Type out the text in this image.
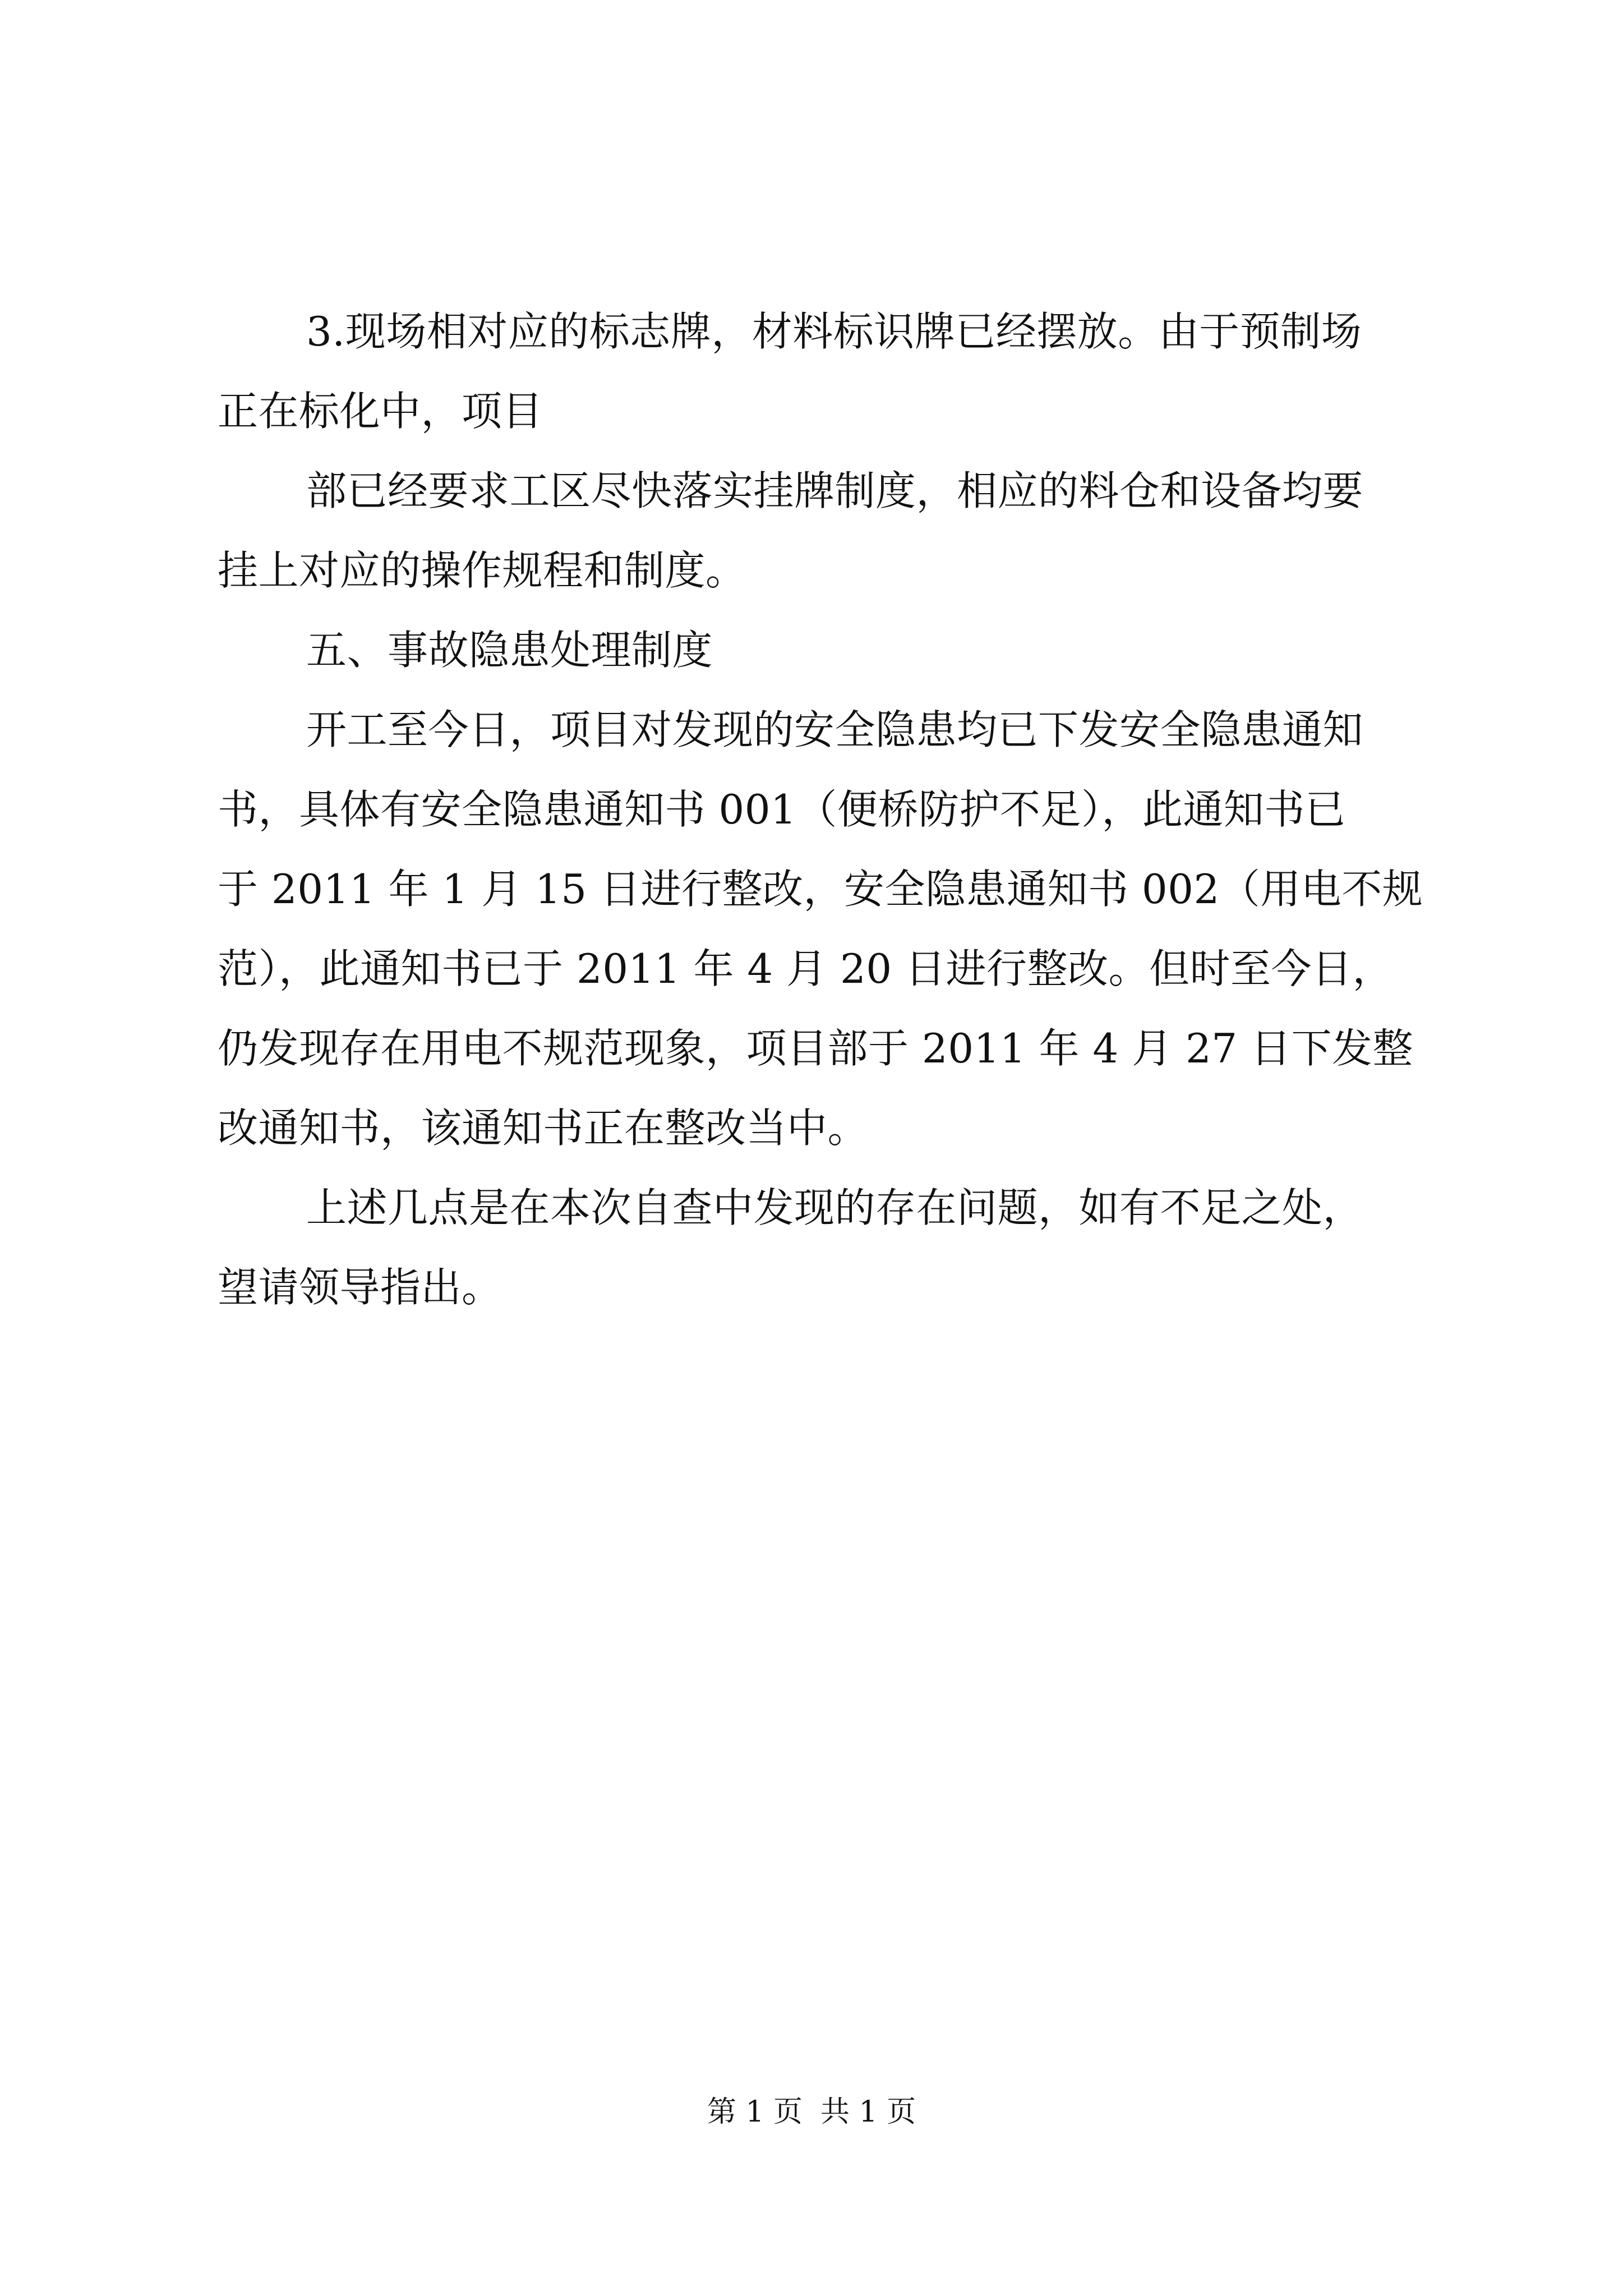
3.现场相对应的标志牌，材料标识牌已经摆放。由于预制场
正在标化中，项目
部已经要求工区尽快落实挂牌制度，相应的料仓和设备均要
挂上对应的操作规程和制度。
五、事故隐患处理制度
开工至今日，项目对发现的安全隐患均已下发安全隐患通知
书，具体有安全隐患通知书 001（便桥防护不足），此通知书已
于 2011 年 1 月 15 日进行整改，安全隐患通知书 002（用电不规
范），此通知书已于 2011 年 4 月 20 日进行整改。但时至今日，
仍发现存在用电不规范现象，项目部于 2011 年 4 月 27 日下发整
改通知书，该通知书正在整改当中。
上述几点是在本次自查中发现的存在问题，如有不足之处，
望请领导指出。
第 1 页 共 1 页
